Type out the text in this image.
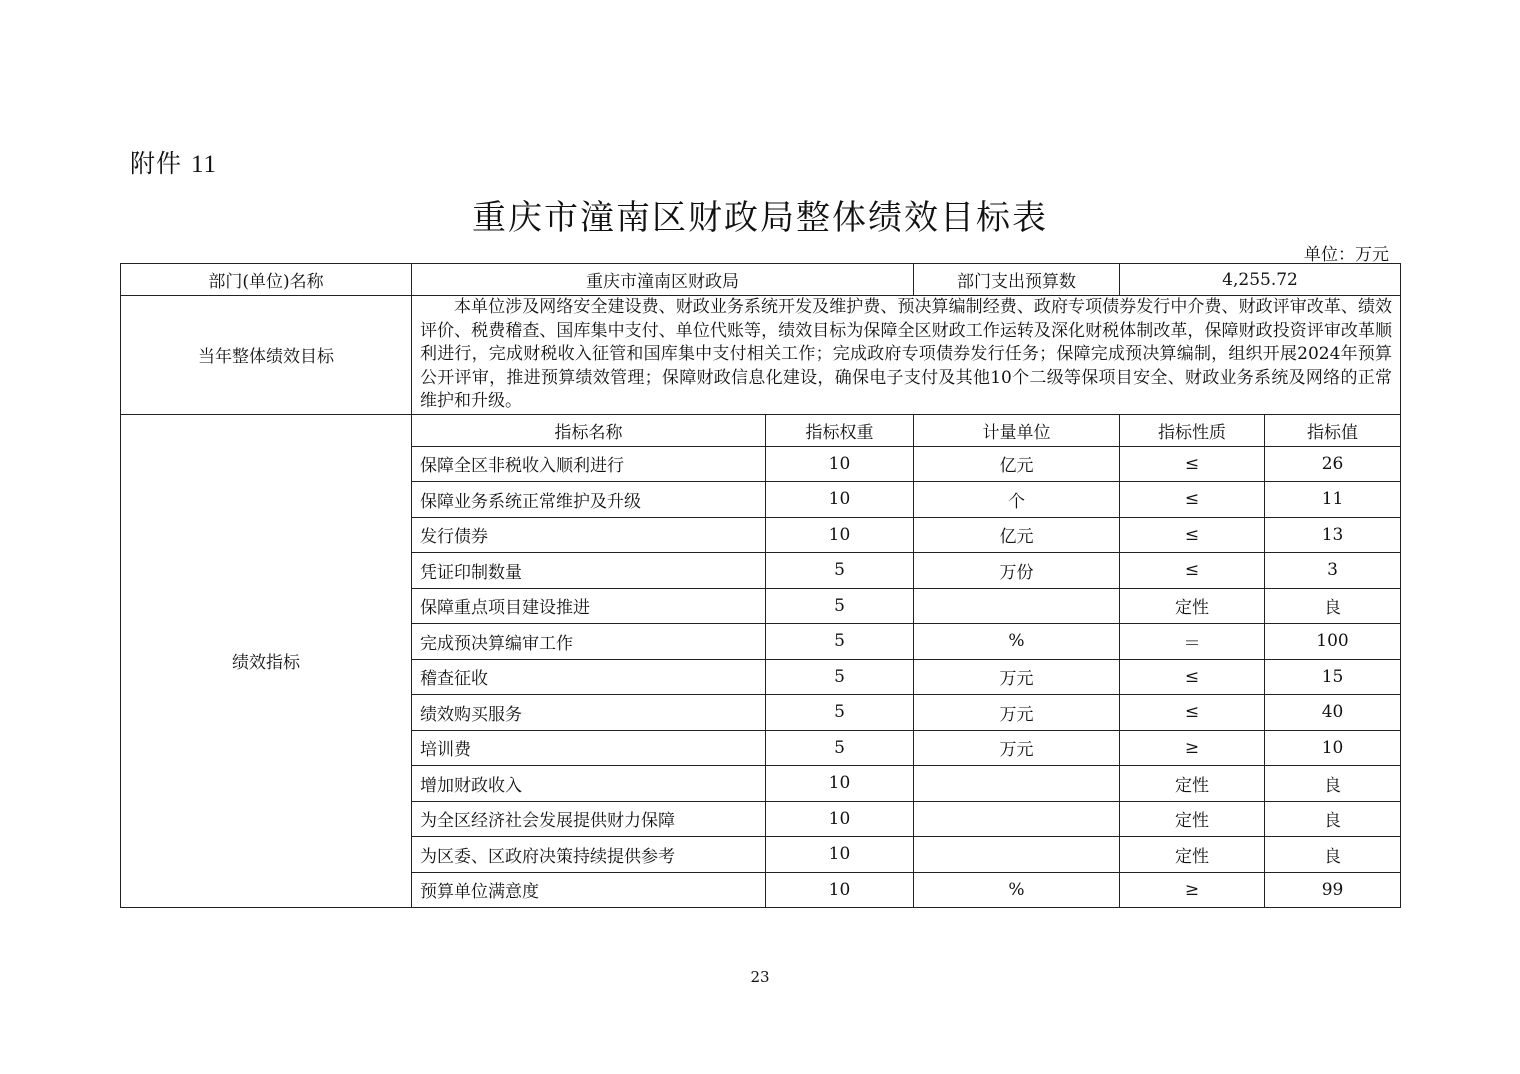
附件 11
重庆市潼南区财政局整体绩效目标表
单位：万元
部门(单位)名称	重庆市潼南区财政局		部门支出预算数	4,255.72	
当年整体绩效目标	本单位涉及网络安全建设费、财政业务系统开发及维护费、预决算编制经费、政府专项债券发行中介费、财政评审改革、绩效评价、税费稽查、国库集中支付、单位代账等，绩效目标为保障全区财政工作运转及深化财税体制改革，保障财政投资评审改革顺利进行，完成财税收入征管和国库集中支付相关工作；完成政府专项债券发行任务；保障完成预决算编制，组织开展2024年预算公开评审，推进预算绩效管理；保障财政信息化建设，确保电子支付及其他10个二级等保项目安全、财政业务系统及网络的正常维护和升级。				
绩效指标	指标名称	指标权重	计量单位	指标性质	指标值
	保障全区非税收入顺利进行	10	亿元	≤	26
	保障业务系统正常维护及升级	10	个	≤	11
	发行债券	10	亿元	≤	13
	凭证印制数量	5	万份	≤	3
	保障重点项目建设推进	5		定性	良
	完成预决算编审工作	5	%	＝	100
	稽查征收	5	万元	≤	15
	绩效购买服务	5	万元	≤	40
	培训费	5	万元	≥	10
	增加财政收入	10		定性	良
	为全区经济社会发展提供财力保障	10		定性	良
	为区委、区政府决策持续提供参考	10		定性	良
	预算单位满意度	10	%	≥	99
23
